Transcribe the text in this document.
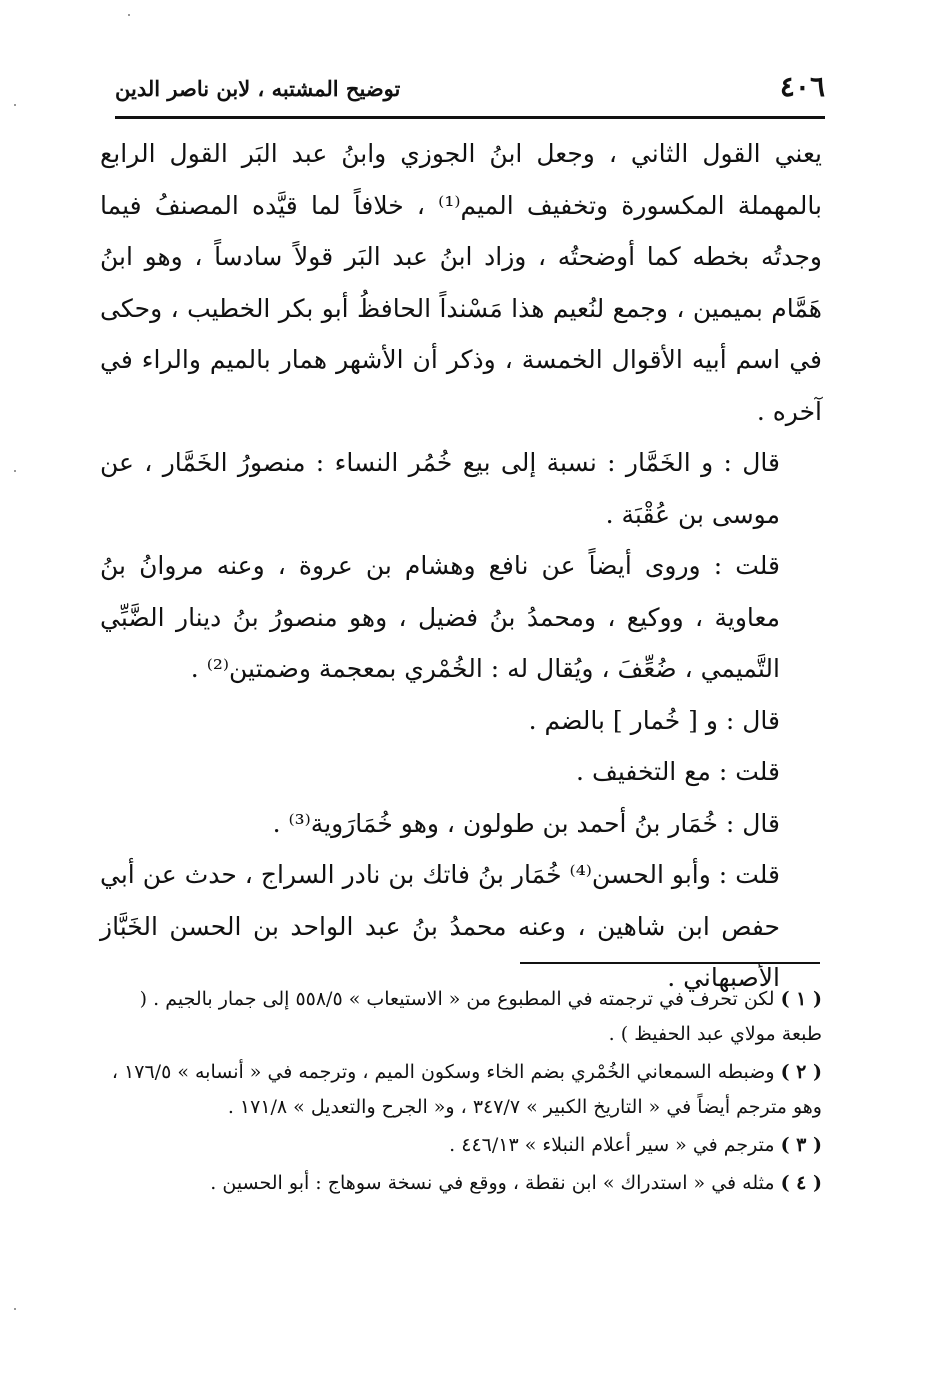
٤٠٦
توضيح المشتبه ، لابن ناصر الدين

يعني القول الثاني ، وجعل ابنُ الجوزي وابنُ عبد البَر القول الرابع بالمهملة المكسورة وتخفيف الميم⁽¹⁾ ، خلافاً لما قيَّده المصنفُ فيما وجدتُه بخطه كما أوضحتُه ، وزاد ابنُ عبد البَر قولاً سادساً ، وهو ابنُ هَمَّام بميمين ، وجمع لنُعيم هذا مَسْنداً الحافظُ أبو بكر الخطيب ، وحكى في اسم أبيه الأقوال الخمسة ، وذكر أن الأشهر همار بالميم والراء في آخره .

قال : و الخَمَّار : نسبة إلى بيع خُمُر النساء : منصورُ الخَمَّار ، عن موسى بن عُقْبَة .

قلت : وروى أيضاً عن نافع وهشام بن عروة ، وعنه مروانُ بنُ معاوية ، ووكيع ، ومحمدُ بنُ فضيل ، وهو منصورُ بنُ دينار الضَّبِّي التَّميمي ، ضُعِّفَ ، ويُقال له : الخُمْري بمعجمة وضمتين⁽²⁾ .

قال : و [ خُمار ] بالضم .

قلت : مع التخفيف .

قال : خُمَار بنُ أحمد بن طولون ، وهو خُمَارَوية⁽³⁾ .

قلت : وأبو الحسن⁽⁴⁾ خُمَار بنُ فاتك بن نادر السراج ، حدث عن أبي حفص ابن شاهين ، وعنه محمدُ بنُ عبد الواحد بن الحسن الخَبَّاز الأصبهاني .

( ١ )لكن تحرف في ترجمته في المطبوع من « الاستيعاب » ٥٥٨/٥ إلى جمار بالجيم . ( طبعة مولاي عبد الحفيظ ) .

( ٢ )وضبطه السمعاني الخُمْري بضم الخاء وسكون الميم ، وترجمه في « أنسابه » ١٧٦/٥ ، وهو مترجم أيضاً في « التاريخ الكبير » ٣٤٧/٧ ، و« الجرح والتعديل » ١٧١/٨ .

( ٣ )مترجم في « سير أعلام النبلاء » ٤٤٦/١٣ .

( ٤ )مثله في « استدراك » ابن نقطة ، ووقع في نسخة سوهاج : أبو الحسين .
